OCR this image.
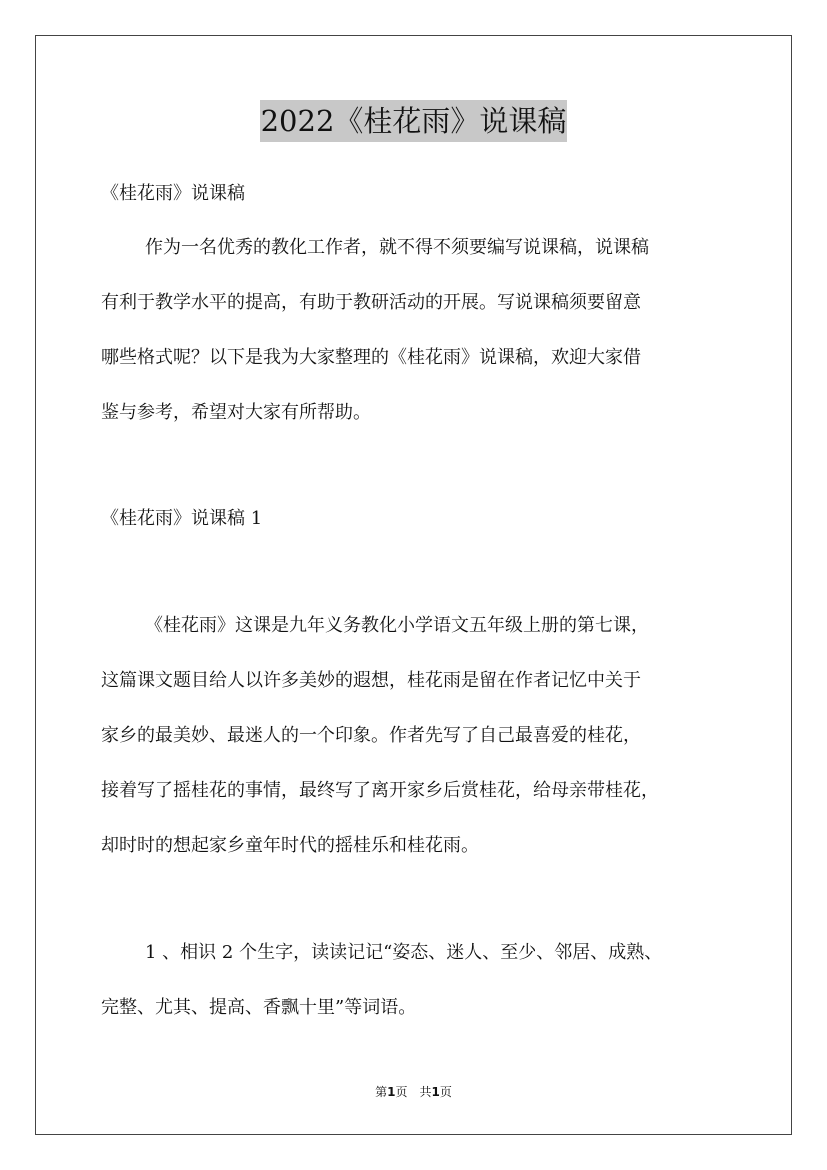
2022《桂花雨》说课稿

《桂花雨》说课稿

作为一名优秀的教化工作者，就不得不须要编写说课稿，说课稿
有利于教学水平的提高，有助于教研活动的开展。写说课稿须要留意
哪些格式呢？以下是我为大家整理的《桂花雨》说课稿，欢迎大家借
鉴与参考，希望对大家有所帮助。

《桂花雨》说课稿 1

《桂花雨》这课是九年义务教化小学语文五年级上册的第七课，
这篇课文题目给人以许多美妙的遐想，桂花雨是留在作者记忆中关于
家乡的最美妙、最迷人的一个印象。作者先写了自己最喜爱的桂花，
接着写了摇桂花的事情，最终写了离开家乡后赏桂花，给母亲带桂花，
却时时的想起家乡童年时代的摇桂乐和桂花雨。
1 、相识 2 个生字，读读记记“姿态、迷人、至少、邻居、成熟、
完整、尤其、提高、香飘十里”等词语。
第1页　共1页
